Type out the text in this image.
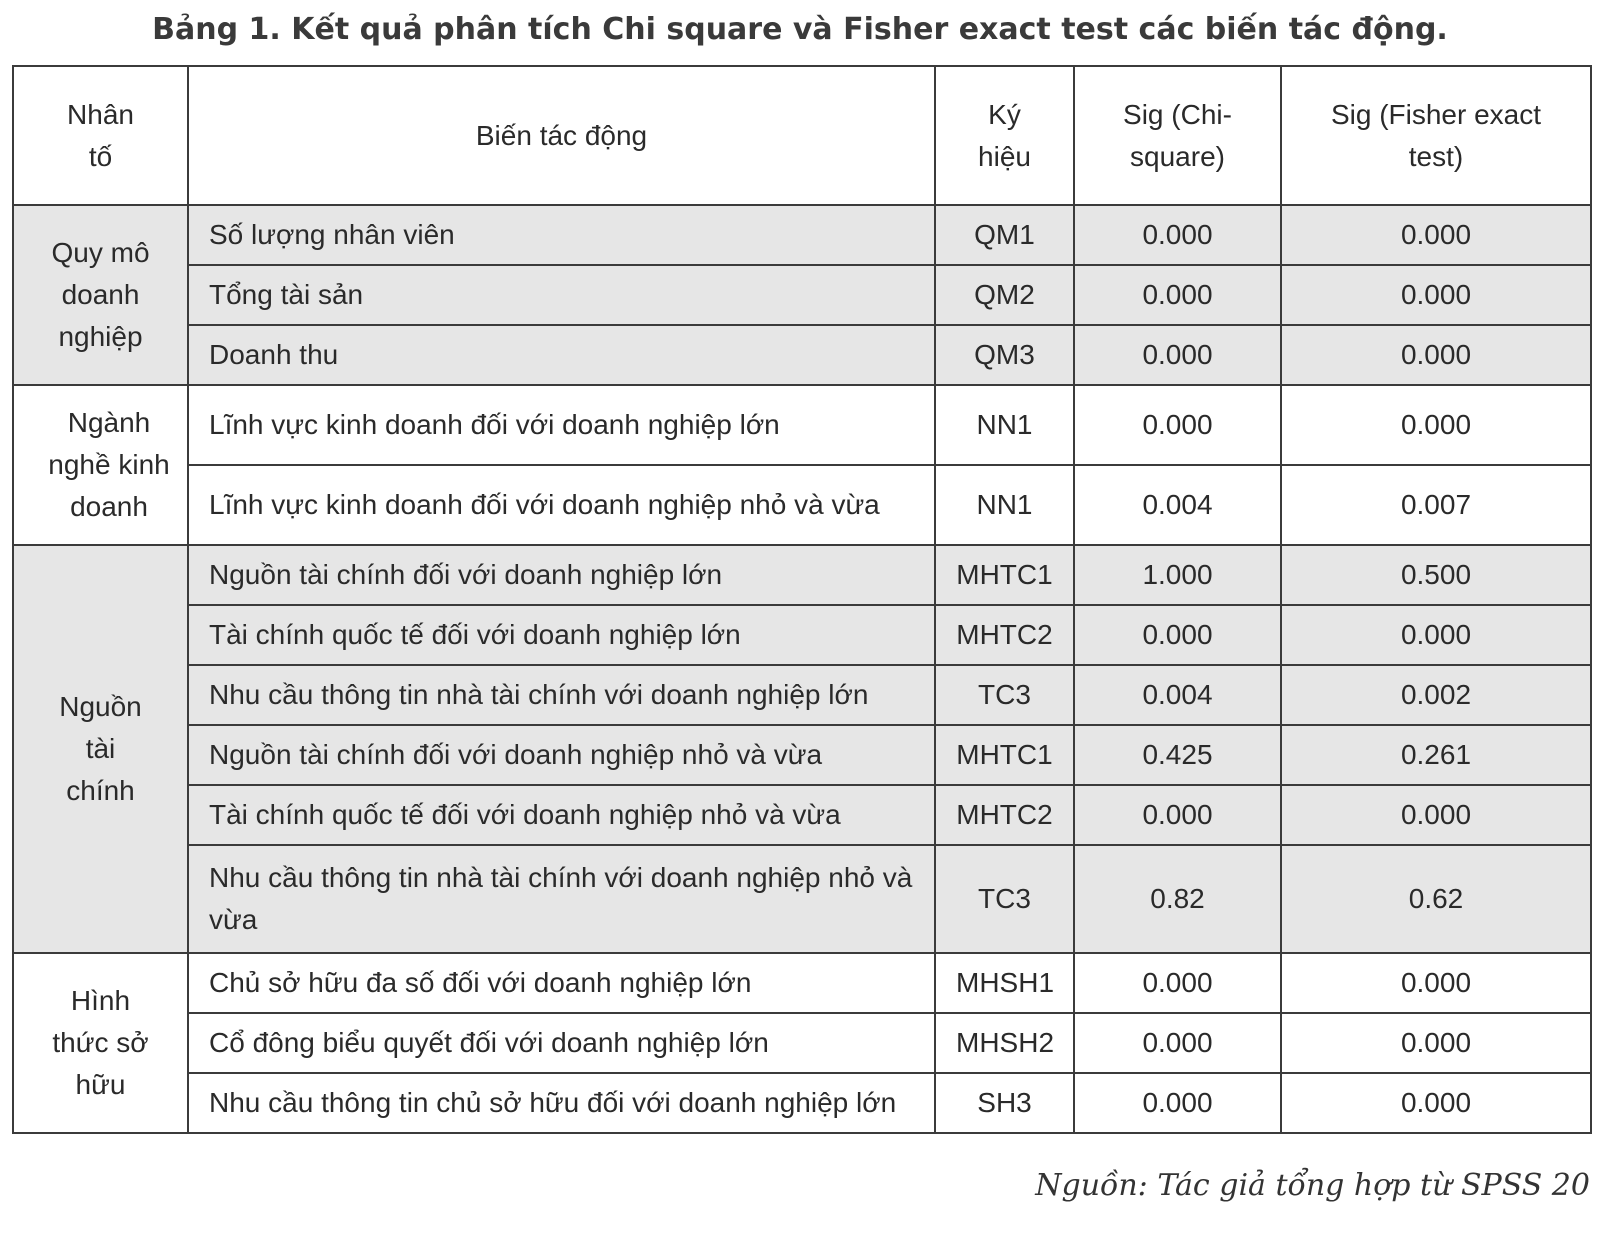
Bảng 1. Kết quả phân tích Chi square và Fisher exact test các biến tác động.
Nhân tố	Biến tác động	Ký hiệu	Sig (Chi-square)	Sig (Fisher exact test)
Quy mô doanh nghiệp	Số lượng nhân viên	QM1	0.000	0.000
	Tổng tài sản	QM2	0.000	0.000
	Doanh thu	QM3	0.000	0.000
Ngành nghề kinh doanh	Lĩnh vực kinh doanh đối với doanh nghiệp lớn	NN1	0.000	0.000
	Lĩnh vực kinh doanh đối với doanh nghiệp nhỏ và vừa	NN1	0.004	0.007
Nguồn tài chính	Nguồn tài chính đối với doanh nghiệp lớn	MHTC1	1.000	0.500
	Tài chính quốc tế đối với doanh nghiệp lớn	MHTC2	0.000	0.000
	Nhu cầu thông tin nhà tài chính với doanh nghiệp lớn	TC3	0.004	0.002
	Nguồn tài chính đối với doanh nghiệp nhỏ và vừa	MHTC1	0.425	0.261
	Tài chính quốc tế đối với doanh nghiệp nhỏ và vừa	MHTC2	0.000	0.000
	Nhu cầu thông tin nhà tài chính với doanh nghiệp nhỏ và vừa	TC3	0.82	0.62
Hình thức sở hữu	Chủ sở hữu đa số đối với doanh nghiệp lớn	MHSH1	0.000	0.000
	Cổ đông biểu quyết đối với doanh nghiệp lớn	MHSH2	0.000	0.000
	Nhu cầu thông tin chủ sở hữu đối với doanh nghiệp lớn	SH3	0.000	0.000
Nguồn: Tác giả tổng hợp từ SPSS 20
